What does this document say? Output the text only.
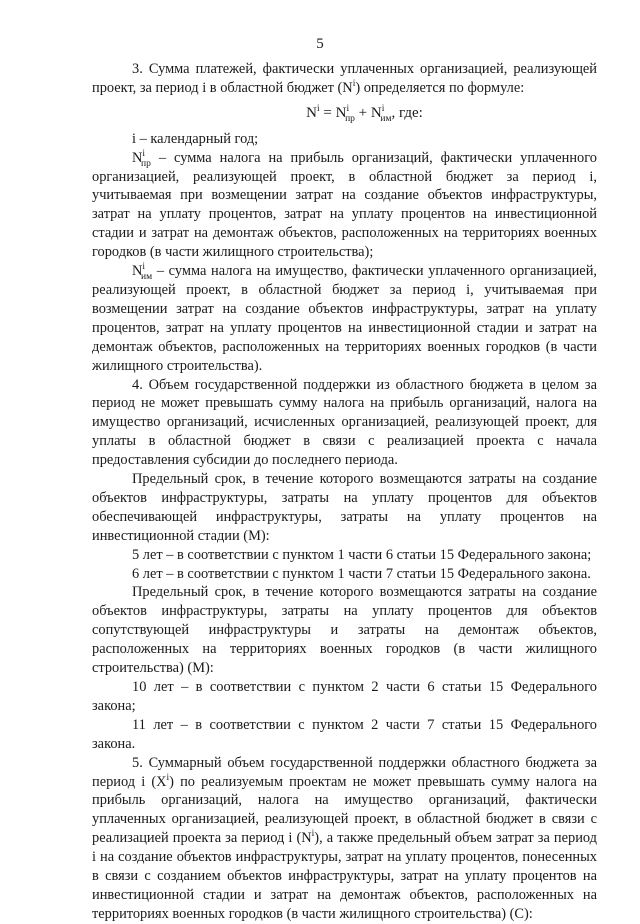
5

3. Сумма платежей, фактически уплаченных организацией, реализующей проект, за период i в областной бюджет $(N^i)$ определяется по формуле:

$N^i = N^i_{пр} + N^i_{им}$, где:

i – календарный год;

$N^i_{пр}$ – сумма налога на прибыль организаций, фактически уплаченного организацией, реализующей проект, в областной бюджет за период i, учитываемая при возмещении затрат на создание объектов инфраструктуры, затрат на уплату процентов, затрат на уплату процентов на инвестиционной стадии и затрат на демонтаж объектов, расположенных на территориях военных городков (в части жилищного строительства);

$N^i_{им}$ – сумма налога на имущество, фактически уплаченного организацией, реализующей проект, в областной бюджет за период i, учитываемая при возмещении затрат на создание объектов инфраструктуры, затрат на уплату процентов, затрат на уплату процентов на инвестиционной стадии и затрат на демонтаж объектов, расположенных на территориях военных городков (в части жилищного строительства).

4. Объем государственной поддержки из областного бюджета в целом за период не может превышать сумму налога на прибыль организаций, налога на имущество организаций, исчисленных организацией, реализующей проект, для уплаты в областной бюджет в связи с реализацией проекта с начала предоставления субсидии до последнего периода.

Предельный срок, в течение которого возмещаются затраты на создание объектов инфраструктуры, затраты на уплату процентов для объектов обеспечивающей инфраструктуры, затраты на уплату процентов на инвестиционной стадии (M):

5 лет – в соответствии с пунктом 1 части 6 статьи 15 Федерального закона;

6 лет – в соответствии с пунктом 1 части 7 статьи 15 Федерального закона.

Предельный срок, в течение которого возмещаются затраты на создание объектов инфраструктуры, затраты на уплату процентов для объектов сопутствующей инфраструктуры и затраты на демонтаж объектов, расположенных на территориях военных городков (в части жилищного строительства) (M):

10 лет – в соответствии с пунктом 2 части 6 статьи 15 Федерального закона;

11 лет – в соответствии с пунктом 2 части 7 статьи 15 Федерального закона.

5. Суммарный объем государственной поддержки областного бюджета за период i $(X^i)$ по реализуемым проектам не может превышать сумму налога на прибыль организаций, налога на имущество организаций, фактически уплаченных организацией, реализующей проект, в областной бюджет в связи с реализацией проекта за период i $(N^i)$, а также предельный объем затрат за период i на создание объектов инфраструктуры, затрат на уплату процентов, понесенных в связи с созданием объектов инфраструктуры, затрат на уплату процентов на инвестиционной стадии и затрат на демонтаж объектов, расположенных на территориях военных городков (в части жилищного строительства) (C):
